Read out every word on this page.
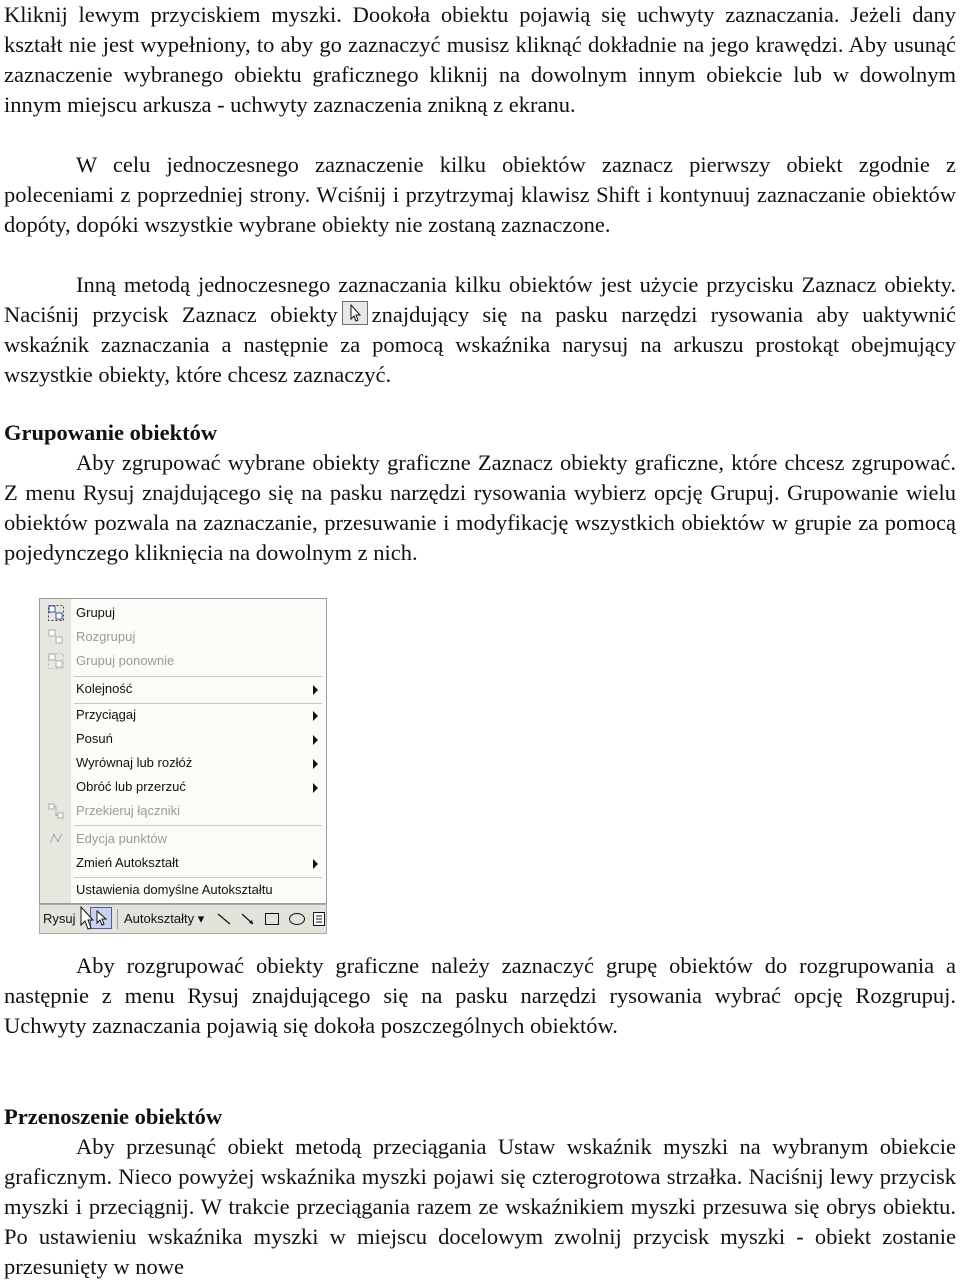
Kliknij lewym przyciskiem myszki. Dookoła obiektu pojawią się uchwyty zaznaczania. Jeżeli dany kształt nie jest wypełniony, to aby go zaznaczyć musisz kliknąć dokładnie na jego krawędzi. Aby usunąć zaznaczenie wybranego obiektu graficznego kliknij na dowolnym innym obiekcie lub w dowolnym innym miejscu arkusza - uchwyty zaznaczenia znikną z ekranu.

W celu jednoczesnego zaznaczenie kilku obiektów zaznacz pierwszy obiekt zgodnie z poleceniami z poprzedniej strony. Wciśnij i przytrzymaj klawisz Shift i kontynuuj zaznaczanie obiektów dopóty, dopóki wszystkie wybrane obiekty nie zostaną zaznaczone.

Inną metodą jednoczesnego zaznaczania kilku obiektów jest użycie przycisku Zaznacz obiekty. Naciśnij przycisk Zaznacz obiekty znajdujący się na pasku narzędzi rysowania aby uaktywnić wskaźnik zaznaczania a następnie za pomocą wskaźnika narysuj na arkuszu prostokąt obejmujący wszystkie obiekty, które chcesz zaznaczyć.

Grupowanie obiektów

Aby zgrupować wybrane obiekty graficzne Zaznacz obiekty graficzne, które chcesz zgrupować. Z menu Rysuj znajdującego się na pasku narzędzi rysowania wybierz opcję Grupuj. Grupowanie wielu obiektów pozwala na zaznaczanie, przesuwanie i modyfikację wszystkich obiektów w grupie za pomocą pojedynczego kliknięcia na dowolnym z nich.

Grupuj
Rozgrupuj
Grupuj ponownie
Kolejność
Przyciągaj
Posuń
Wyrównaj lub rozłóż
Obróć lub przerzuć
Przekieruj łączniki
Edycja punktów
Zmień Autokształt
Ustawienia domyślne Autokształtu
Rysuj	Autokształty ▾

Aby rozgrupować obiekty graficzne należy zaznaczyć grupę obiektów do rozgrupowania a następnie z menu Rysuj znajdującego się na pasku narzędzi rysowania wybrać opcję Rozgrupuj. Uchwyty zaznaczania pojawią się dokoła poszczególnych obiektów.

Przenoszenie obiektów

Aby przesunąć obiekt metodą przeciągania Ustaw wskaźnik myszki na wybranym obiekcie graficznym. Nieco powyżej wskaźnika myszki pojawi się czterogrotowa strzałka. Naciśnij lewy przycisk myszki i przeciągnij. W trakcie przeciągania razem ze wskaźnikiem myszki przesuwa się obrys obiektu. Po ustawieniu wskaźnika myszki w miejscu docelowym zwolnij przycisk myszki - obiekt zostanie przesunięty w nowe
